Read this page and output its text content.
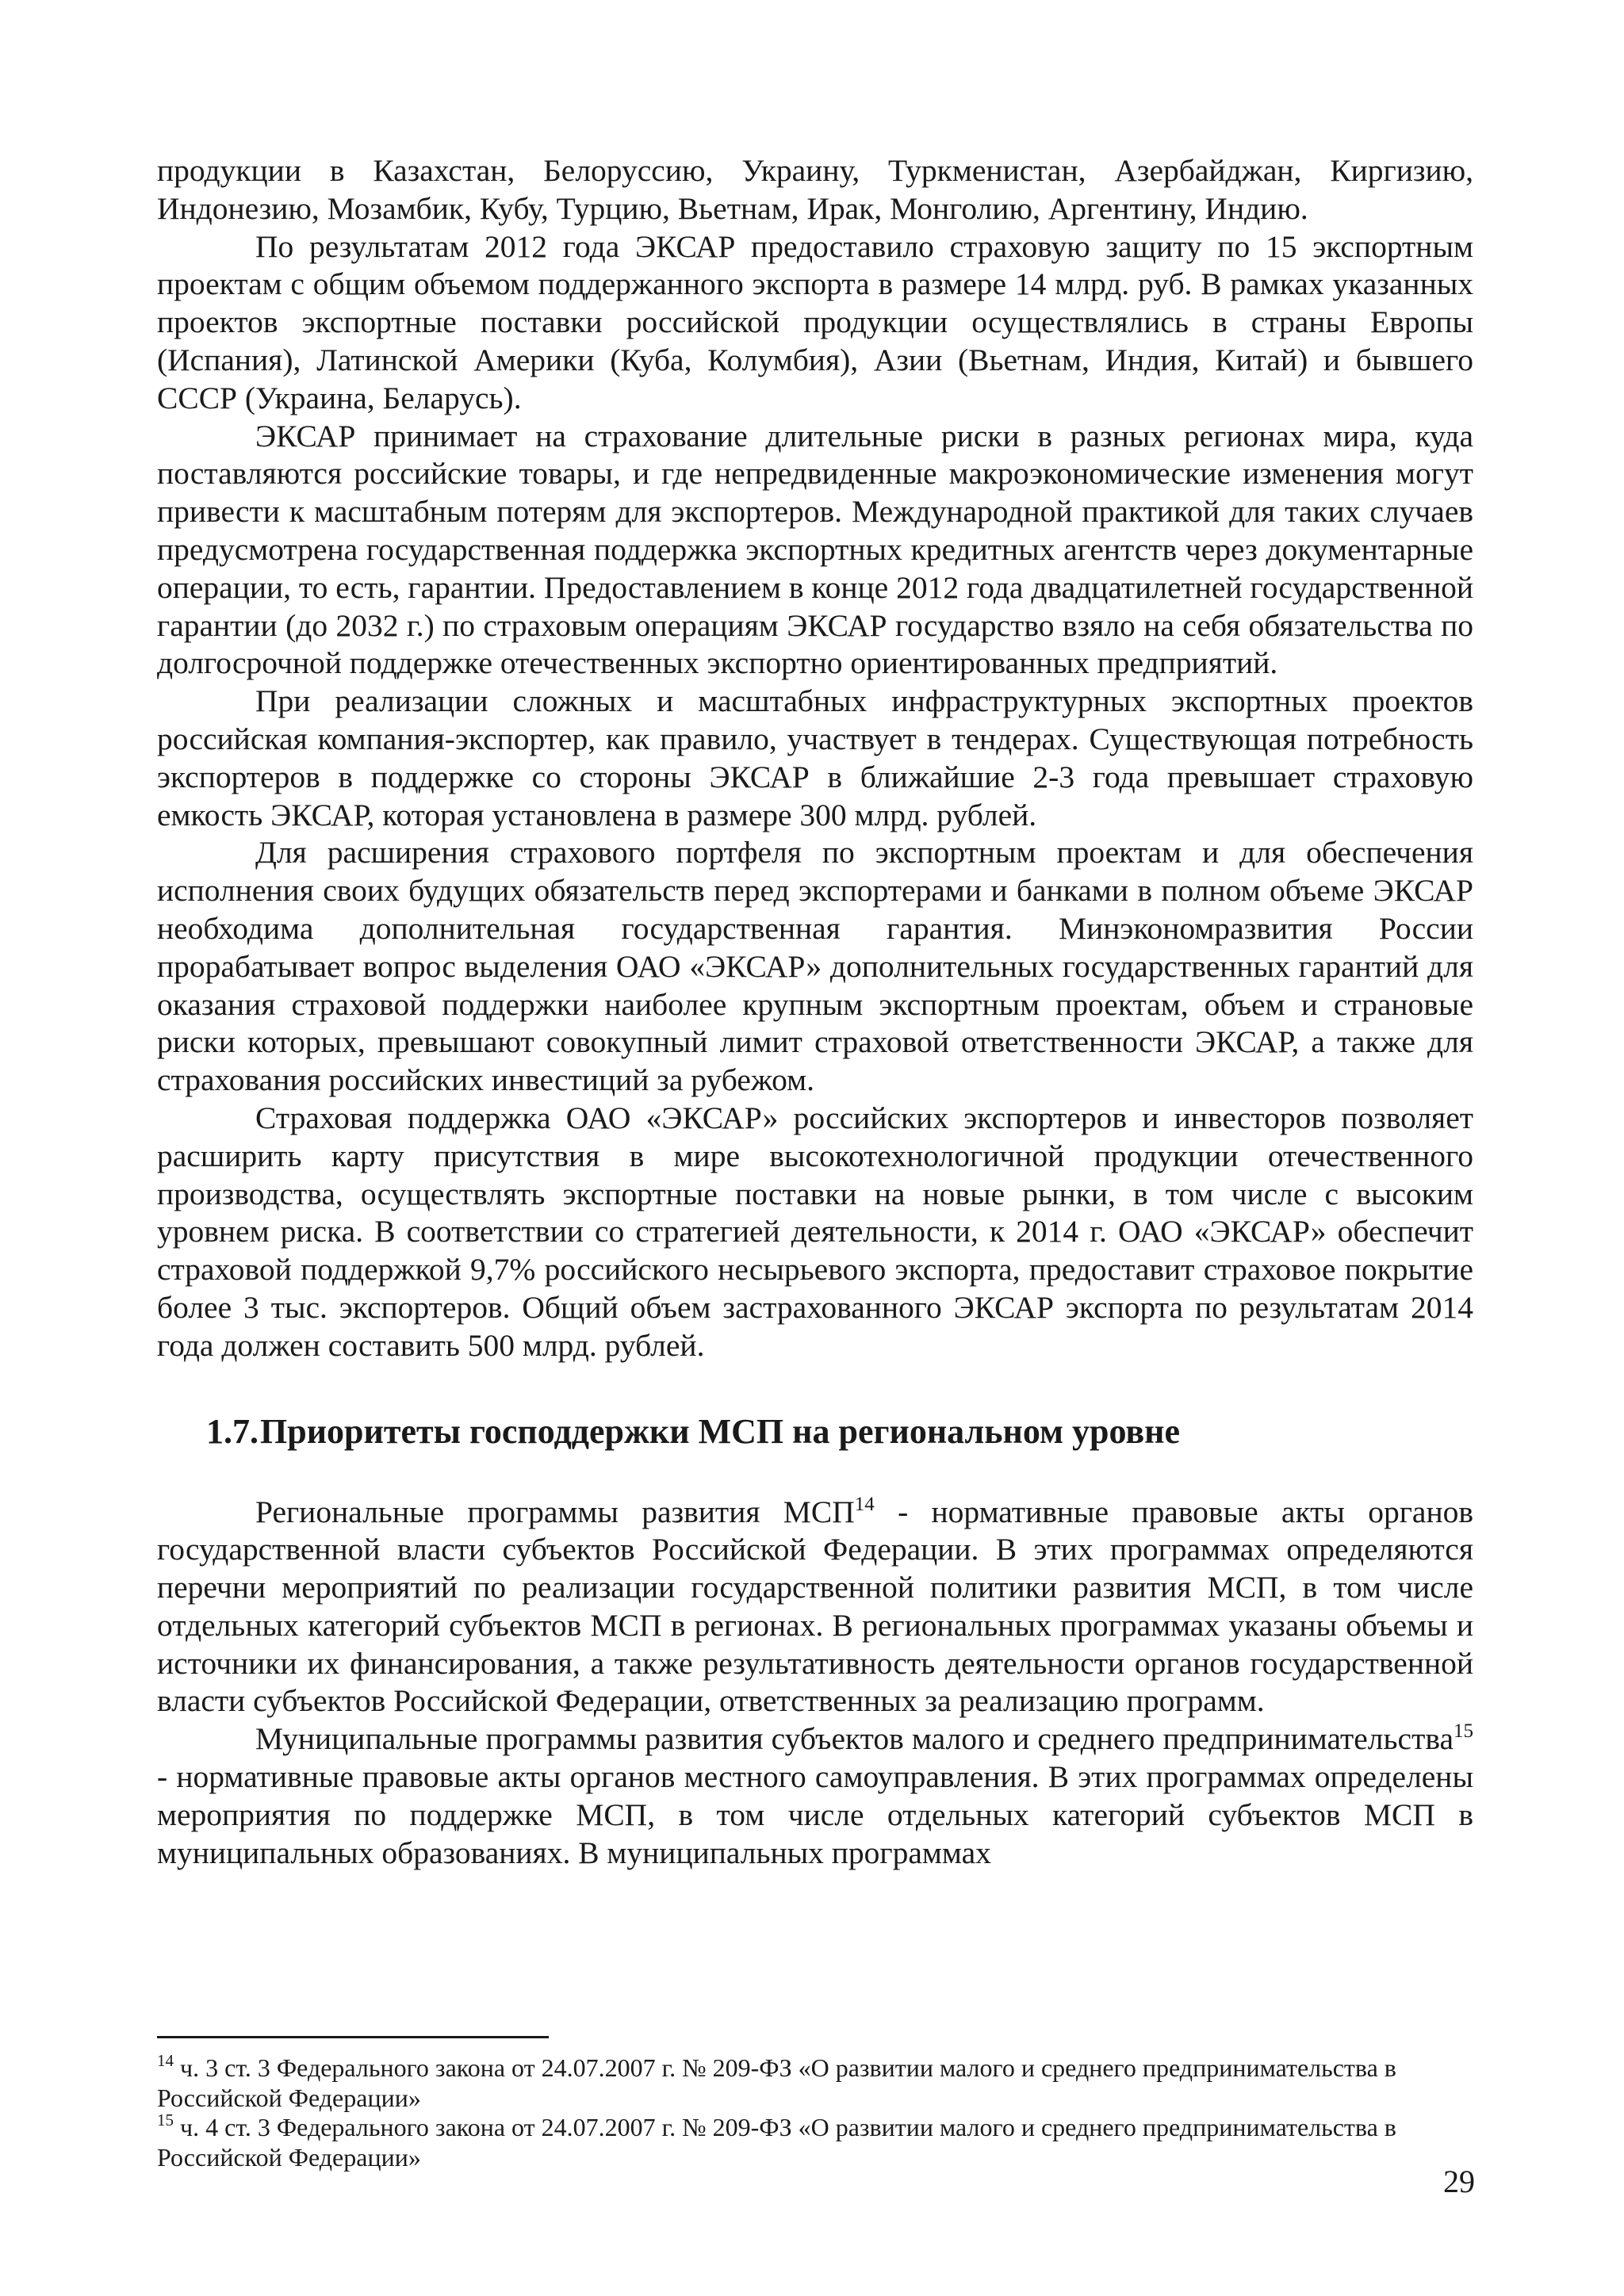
продукции в Казахстан, Белоруссию, Украину, Туркменистан, Азербайджан, Киргизию, Индонезию, Мозамбик, Кубу, Турцию, Вьетнам, Ирак, Монголию, Аргентину, Индию.

По результатам 2012 года ЭКСАР предоставило страховую защиту по 15 экспортным проектам с общим объемом поддержанного экспорта в размере 14 млрд. руб. В рамках указанных проектов экспортные поставки российской продукции осуществлялись в страны Европы (Испания), Латинской Америки (Куба, Колумбия), Азии (Вьетнам, Индия, Китай) и бывшего СССР (Украина, Беларусь).

ЭКСАР принимает на страхование длительные риски в разных регионах мира, куда поставляются российские товары, и где непредвиденные макроэкономические изменения могут привести к масштабным потерям для экспортеров. Международной практикой для таких случаев предусмотрена государственная поддержка экспортных кредитных агентств через документарные операции, то есть, гарантии. Предоставлением в конце 2012 года двадцатилетней государственной гарантии (до 2032 г.) по страховым операциям ЭКСАР государство взяло на себя обязательства по долгосрочной поддержке отечественных экспортно ориентированных предприятий.

При реализации сложных и масштабных инфраструктурных экспортных проектов российская компания-экспортер, как правило, участвует в тендерах. Существующая потребность экспортеров в поддержке со стороны ЭКСАР в ближайшие 2-3 года превышает страховую емкость ЭКСАР, которая установлена в размере 300 млрд. рублей.

Для расширения страхового портфеля по экспортным проектам и для обеспечения исполнения своих будущих обязательств перед экспортерами и банками в полном объеме ЭКСАР необходима дополнительная государственная гарантия. Минэкономразвития России прорабатывает вопрос выделения ОАО «ЭКСАР» дополнительных государственных гарантий для оказания страховой поддержки наиболее крупным экспортным проектам, объем и страновые риски которых, превышают совокупный лимит страховой ответственности ЭКСАР, а также для страхования российских инвестиций за рубежом.

Страховая поддержка ОАО «ЭКСАР» российских экспортеров и инвесторов позволяет расширить карту присутствия в мире высокотехнологичной продукции отечественного производства, осуществлять экспортные поставки на новые рынки, в том числе с высоким уровнем риска. В соответствии со стратегией деятельности, к 2014 г. ОАО «ЭКСАР» обеспечит страховой поддержкой 9,7% российского несырьевого экспорта, предоставит страховое покрытие более 3 тыс. экспортеров. Общий объем застрахованного ЭКСАР экспорта по результатам 2014 года должен составить 500 млрд. рублей.

1.7.Приоритеты господдержки МСП на региональном уровне

Региональные программы развития МСП$^{14}$ - нормативные правовые акты органов государственной власти субъектов Российской Федерации. В этих программах определяются перечни мероприятий по реализации государственной политики развития МСП, в том числе отдельных категорий субъектов МСП в регионах. В региональных программах указаны объемы и источники их финансирования, а также результативность деятельности органов государственной власти субъектов Российской Федерации, ответственных за реализацию программ.

Муниципальные программы развития субъектов малого и среднего предпринимательства$^{15}$ - нормативные правовые акты органов местного самоуправления. В этих программах определены мероприятия по поддержке МСП, в том числе отдельных категорий субъектов МСП в муниципальных образованиях. В муниципальных программах

$^{14}$ ч. 3 ст. 3 Федерального закона от 24.07.2007 г. № 209-ФЗ «О развитии малого и среднего предпринимательства в Российской Федерации»

$^{15}$ ч. 4 ст. 3 Федерального закона от 24.07.2007 г. № 209-ФЗ «О развитии малого и среднего предпринимательства в Российской Федерации»

29
